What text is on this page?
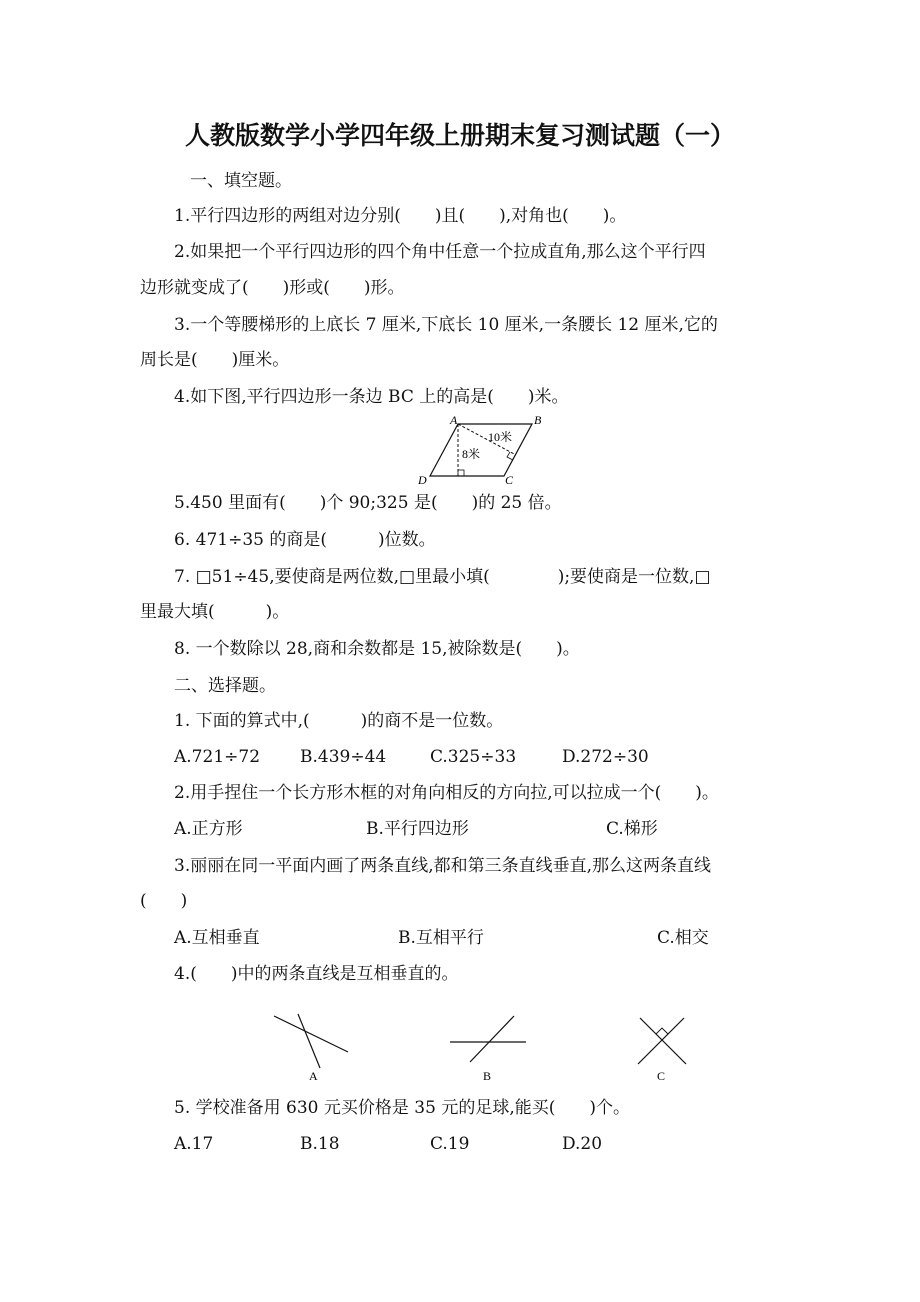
人教版数学小学四年级上册期末复习测试题（一）
一、填空题。
1.平行四边形的两组对边分别(　　)且(　　),对角也(　　)。
2.如果把一个平行四边形的四个角中任意一个拉成直角,那么这个平行四
边形就变成了(　　)形或(　　)形。
3.一个等腰梯形的上底长 7 厘米,下底长 10 厘米,一条腰长 12 厘米,它的
周长是(　　)厘米。
4.如下图,平行四边形一条边 BC 上的高是(　　)米。
A	B
C
D
10米
8米
5.450 里面有(　　)个 90;325 是(　　)的 25 倍。
6. 471÷35 的商是(　　　)位数。
7. □51÷45,要使商是两位数,□里最小填(　　　　);要使商是一位数,□
里最大填(　　　)。
8. 一个数除以 28,商和余数都是 15,被除数是(　　)。
二、选择题。
1. 下面的算式中,(　　　)的商不是一位数。
A.721÷72 B.439÷44	C.325÷33	D.272÷30
2.用手捏住一个长方形木框的对角向相反的方向拉,可以拉成一个(　　)。
A.正方形	B.平行四边形	C.梯形
3.丽丽在同一平面内画了两条直线,都和第三条直线垂直,那么这两条直线
(　　)
A.互相垂直	B.互相平行	C.相交
4.(　　)中的两条直线是互相垂直的。
A	B	C
5. 学校准备用 630 元买价格是 35 元的足球,能买(　　)个。
A.17	B.18	C.19	D.20
